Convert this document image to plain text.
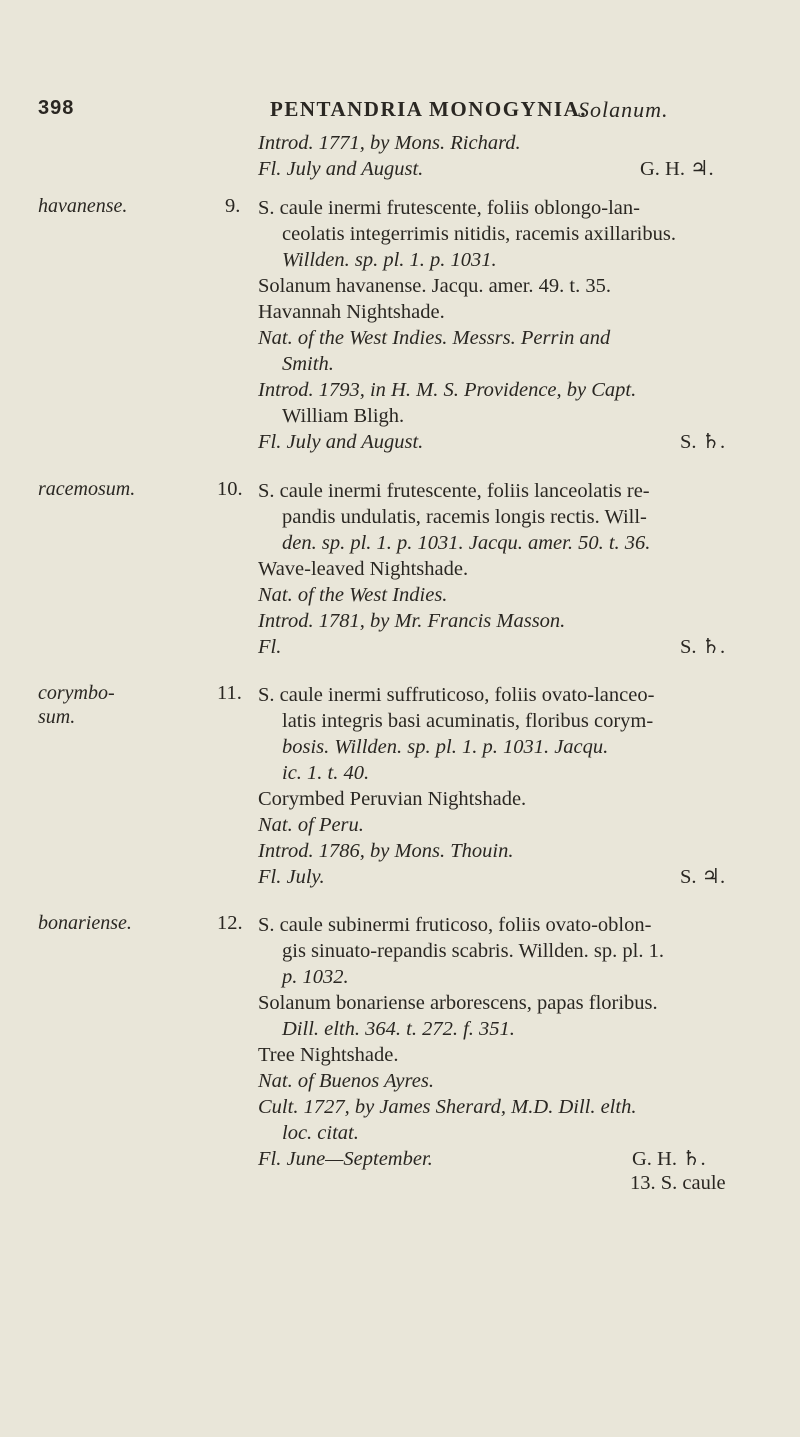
398	PENTANDRIA MONOGYNIA.
Solanum.
Introd. 1771, by Mons. Richard.
Fl. July and August.	G. H. ♃.
havanense.	9. S. caule inermi frutescente, foliis oblongo-lan-
ceolatis integerrimis nitidis, racemis axillaribus.
Willden. sp. pl. 1. p. 1031.
Solanum havanense. Jacqu. amer. 49. t. 35.
Havannah Nightshade.
Nat. of the West Indies. Messrs. Perrin and
Smith.
Introd. 1793, in H. M. S. Providence, by Capt.
William Bligh.
Fl. July and August.	S. ♄.
racemosum.	10. S. caule inermi frutescente, foliis lanceolatis re-
pandis undulatis, racemis longis rectis. Will-
den. sp. pl. 1. p. 1031. Jacqu. amer. 50. t. 36.
Wave-leaved Nightshade.
Nat. of the West Indies.
Introd. 1781, by Mr. Francis Masson.
Fl.	S. ♄.
corymbo-
sum.
11. S. caule inermi suffruticoso, foliis ovato-lanceo-
latis integris basi acuminatis, floribus corym-
bosis. Willden. sp. pl. 1. p. 1031. Jacqu.
ic. 1. t. 40.
Corymbed Peruvian Nightshade.
Nat. of Peru.
Introd. 1786, by Mons. Thouin.
Fl. July.	S. ♃.
bonariense.	12. S. caule subinermi fruticoso, foliis ovato-oblon-
gis sinuato-repandis scabris. Willden. sp. pl. 1.
p. 1032.
Solanum bonariense arborescens, papas floribus.
Dill. elth. 364. t. 272. f. 351.
Tree Nightshade.
Nat. of Buenos Ayres.
Cult. 1727, by James Sherard, M.D. Dill. elth.
loc. citat.
Fl. June—September.	G. H. ♄.
13. S. caule
